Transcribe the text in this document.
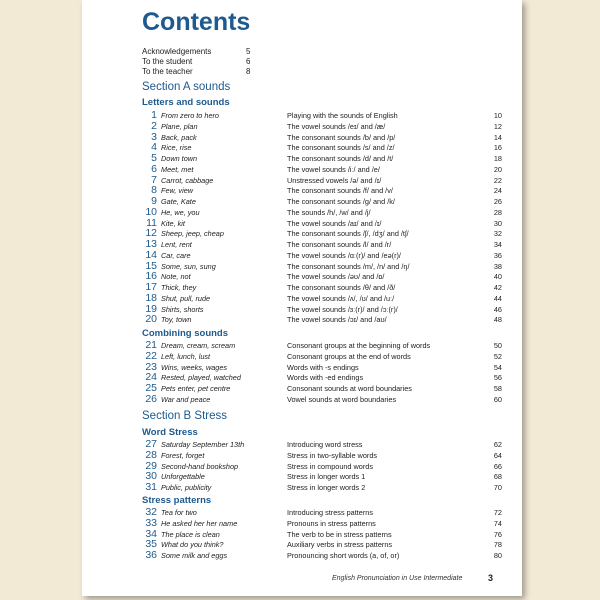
Contents
Acknowledgements	5
To the student	6
To the teacher	8
Section A sounds
Letters and sounds
1 From zero to hero	Playing with the sounds of English	10
2 Plane, plan	The vowel sounds /eɪ/ and /æ/	12
3 Back, pack	The consonant sounds /b/ and /p/	14
4 Rice, rise	The consonant sounds /s/ and /z/	16
5 Down town	The consonant sounds /d/ and /t/	18
6 Meet, met	The vowel sounds /iː/ and /e/	20
7 Carrot, cabbage	Unstressed vowels /ə/ and /ɪ/	22
8 Few, view	The consonant sounds /f/ and /v/	24
9 Gate, Kate	The consonant sounds /g/ and /k/	26
10 He, we, you	The sounds /h/, /w/ and /j/	28
11 Kite, kit	The vowel sounds /aɪ/ and /ɪ/	30
12 Sheep, jeep, cheap	The consonant sounds /ʃ/, /dʒ/ and /tʃ/	32
13 Lent, rent	The consonant sounds /l/ and /r/	34
14 Car, care	The vowel sounds /ɑː(r)/ and /eə(r)/	36
15 Some, sun, sung	The consonant sounds /m/, /n/ and /ŋ/	38
16 Note, not	The vowel sounds /əʊ/ and /ɒ/	40
17 Thick, they	The consonant sounds /θ/ and /ð/	42
18 Shut, pull, rude	The vowel sounds /ʌ/, /ʊ/ and /uː/	44
19 Shirts, shorts	The vowel sounds /ɜː(r)/ and /ɔː(r)/	46
20 Toy, town	The vowel sounds /ɔɪ/ and /aʊ/	48
Combining sounds
21 Dream, cream, scream	Consonant groups at the beginning of words	50
22 Left, lunch, lust	Consonant groups at the end of words	52
23 Wins, weeks, wages	Words with -s endings	54
24 Rested, played, watched	Words with -ed endings	56
25 Pets enter, pet centre	Consonant sounds at word boundaries	58
26 War and peace	Vowel sounds at word boundaries	60
Section B Stress
Word Stress
27 Saturday September 13th	Introducing word stress	62
28 Forest, forget	Stress in two-syllable words	64
29 Second-hand bookshop	Stress in compound words	66
30 Unforgettable	Stress in longer words 1	68
31 Public, publicity	Stress in longer words 2	70
Stress patterns
32 Tea for two	Introducing stress patterns	72
33 He asked her her name	Pronouns in stress patterns	74
34 The place is clean	The verb to be in stress patterns	76
35 What do you think?	Auxiliary verbs in stress patterns	78
36 Some milk and eggs	Pronouncing short words (a, of, or)	80
English Pronunciation in Use Intermediate	3
